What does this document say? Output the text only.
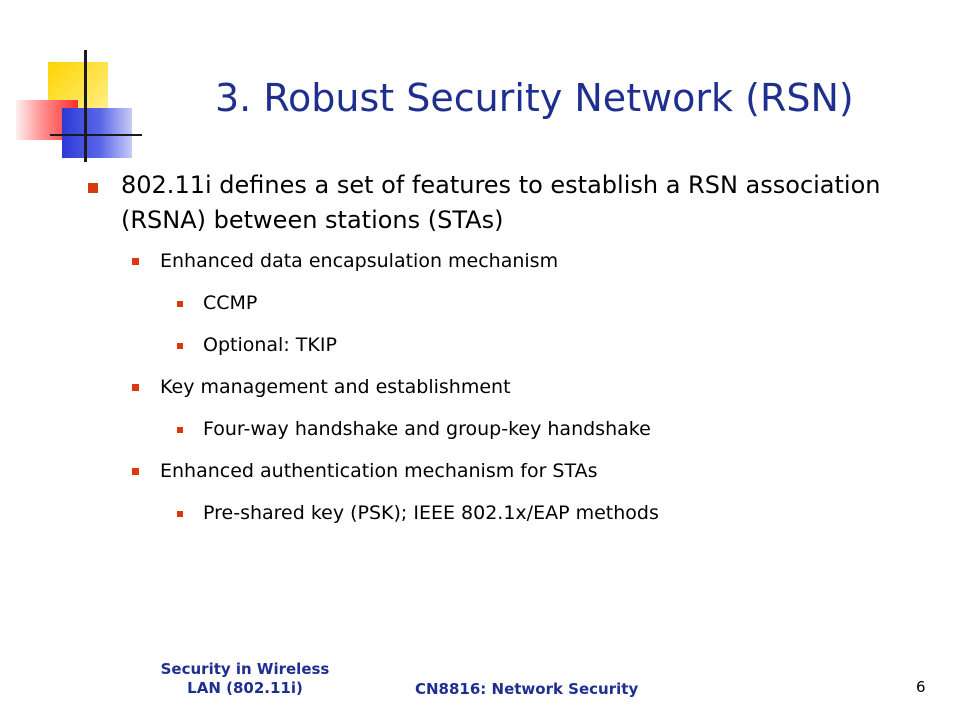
3. Robust Security Network (RSN)
802.11i defines a set of features to establish a RSN association (RSNA) between stations (STAs)
Enhanced data encapsulation mechanism
CCMP
Optional: TKIP
Key management and establishment
Four-way handshake and group-key handshake
Enhanced authentication mechanism for STAs
Pre-shared key (PSK); IEEE 802.1x/EAP methods
Security in Wireless
LAN (802.11i)	CN8816: Network Security	6
